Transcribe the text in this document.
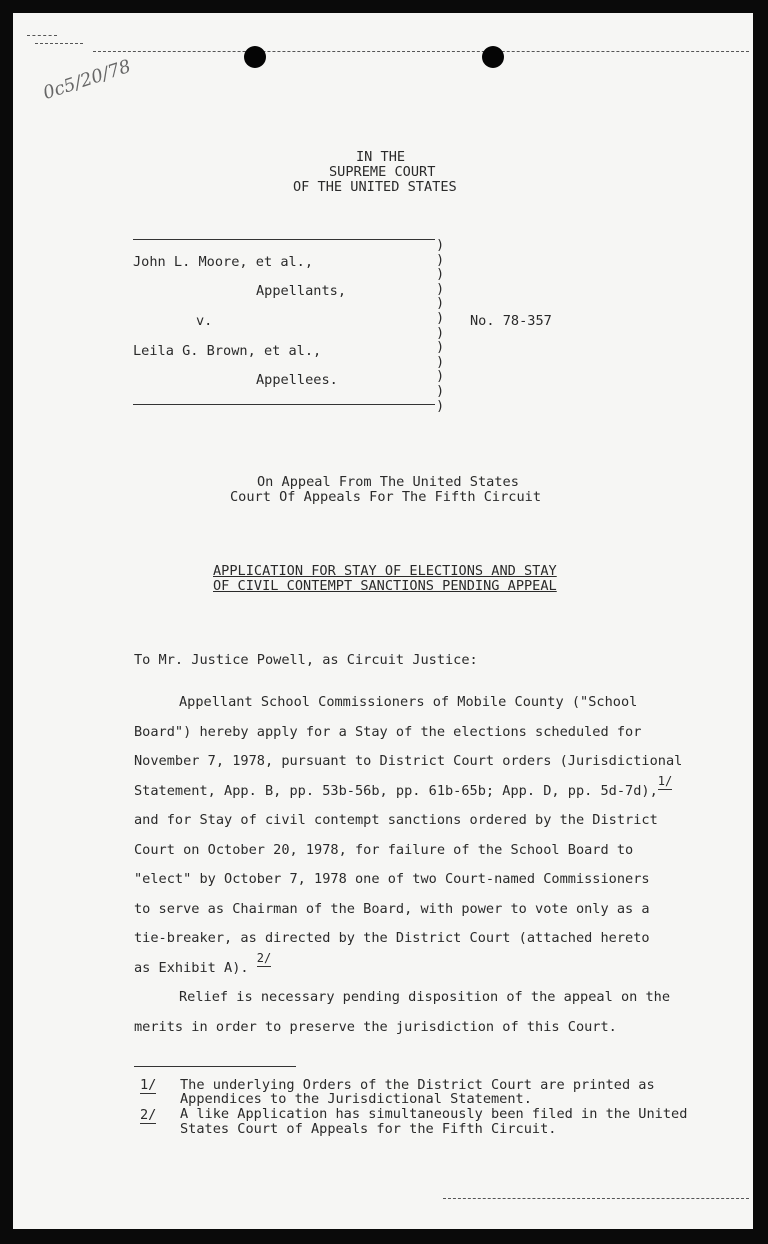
0c5/20/78
IN THE
SUPREME COURT
OF THE UNITED STATES
)
)
)
)
)
)
)
)
)
)
)
)
John L. Moore, et al.,
Appellants,
v.	No. 78-357
Leila G. Brown, et al.,
Appellees.
On Appeal From The United States
Court Of Appeals For The Fifth Circuit
APPLICATION FOR STAY OF ELECTIONS AND STAY
OF CIVIL CONTEMPT SANCTIONS PENDING APPEAL
To Mr. Justice Powell, as Circuit Justice:
Appellant School Commissioners of Mobile County ("School
Board") hereby apply for a Stay of the elections scheduled for
November 7, 1978, pursuant to District Court orders (Jurisdictional
Statement, App. B, pp. 53b-56b, pp. 61b-65b; App. D, pp. 5d-7d),1/
and for Stay of civil contempt sanctions ordered by the District
Court on October 20, 1978, for failure of the School Board to
"elect" by October 7, 1978 one of two Court-named Commissioners
to serve as Chairman of the Board, with power to vote only as a
tie-breaker, as directed by the District Court (attached hereto
as Exhibit A). 2/
Relief is necessary pending disposition of the appeal on the
merits in order to preserve the jurisdiction of this Court.
1/ The underlying Orders of the District Court are printed as
Appendices to the Jurisdictional Statement.
2/ A like Application has simultaneously been filed in the United
States Court of Appeals for the Fifth Circuit.
